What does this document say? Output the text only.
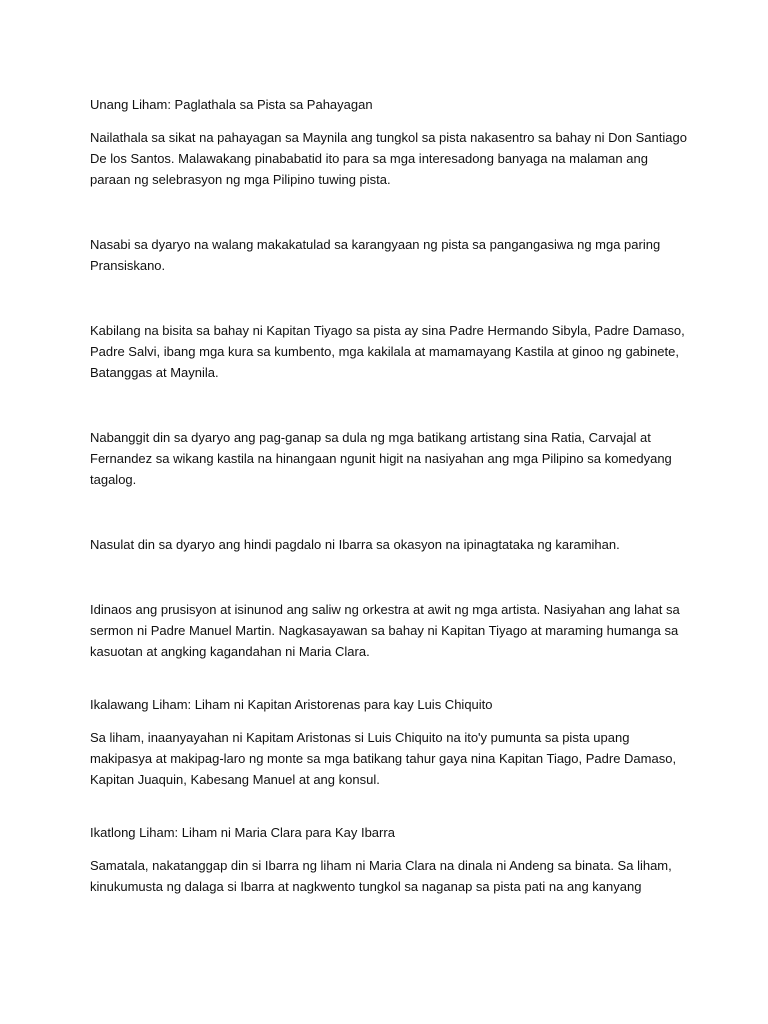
Unang Liham: Paglathala sa Pista sa Pahayagan

Nailathala sa sikat na pahayagan sa Maynila ang tungkol sa pista nakasentro sa bahay ni Don Santiago De los Santos. Malawakang pinababatid ito para sa mga interesadong banyaga na malaman ang paraan ng selebrasyon ng mga Pilipino tuwing pista.

Nasabi sa dyaryo na walang makakatulad sa karangyaan ng pista sa pangangasiwa ng mga paring Pransiskano.

Kabilang na bisita sa bahay ni Kapitan Tiyago sa pista ay sina Padre Hermando Sibyla, Padre Damaso, Padre Salvi, ibang mga kura sa kumbento, mga kakilala at mamamayang Kastila at ginoo ng gabinete, Batanggas at Maynila.

Nabanggit din sa dyaryo ang pag-ganap sa dula ng mga batikang artistang sina Ratia, Carvajal at Fernandez sa wikang kastila na hinangaan ngunit higit na nasiyahan ang mga Pilipino sa komedyang tagalog.

Nasulat din sa dyaryo ang hindi pagdalo ni Ibarra sa okasyon na ipinagtataka ng karamihan.

Idinaos ang prusisyon at isinunod ang saliw ng orkestra at awit ng mga artista. Nasiyahan ang lahat sa sermon ni Padre Manuel Martin. Nagkasayawan sa bahay ni Kapitan Tiyago at maraming humanga sa kasuotan at angking kagandahan ni Maria Clara.

Ikalawang Liham: Liham ni Kapitan Aristorenas para kay Luis Chiquito

Sa liham, inaanyayahan ni Kapitam Aristonas si Luis Chiquito na ito'y pumunta sa pista upang makipasya at makipag-laro ng monte sa mga batikang tahur gaya nina Kapitan Tiago, Padre Damaso, Kapitan Juaquin, Kabesang Manuel at ang konsul.

Ikatlong Liham: Liham ni Maria Clara para Kay Ibarra

Samatala, nakatanggap din si Ibarra ng liham ni Maria Clara na dinala ni Andeng sa binata. Sa liham, kinukumusta ng dalaga si Ibarra at nagkwento tungkol sa naganap sa pista pati na ang kanyang
